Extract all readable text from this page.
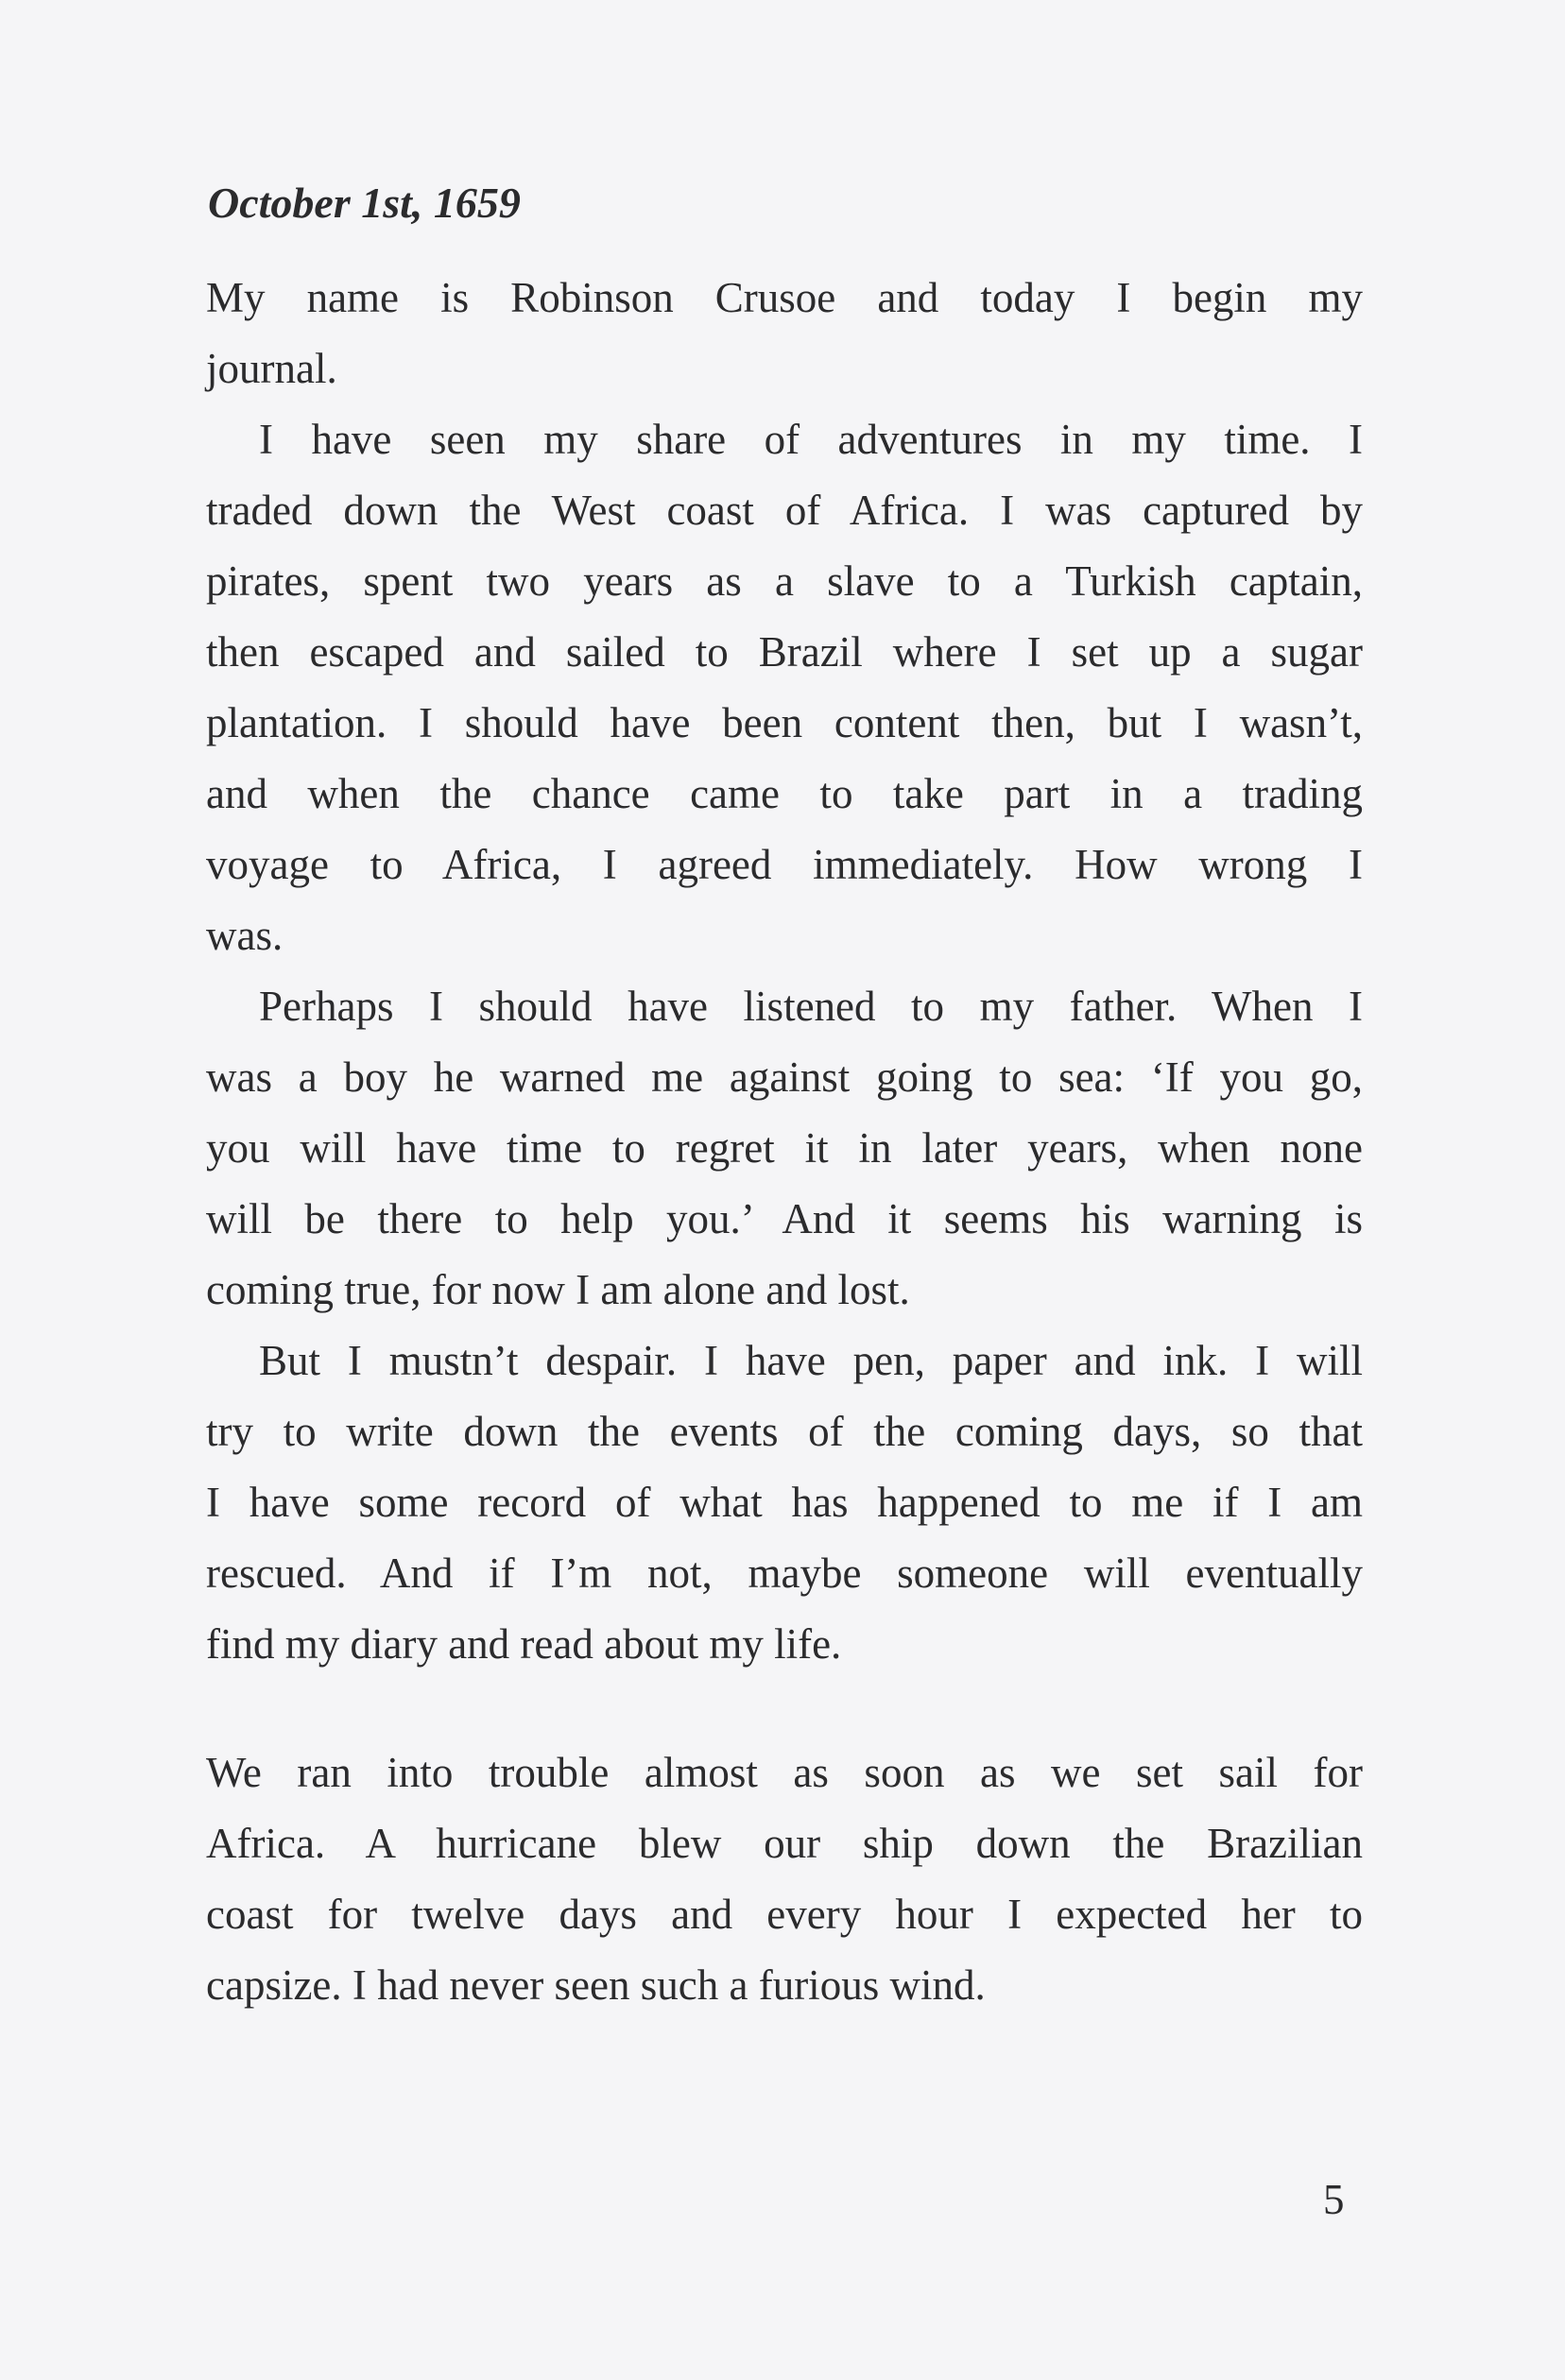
October 1st, 1659
My name is Robinson Crusoe and today I begin my
journal.
I have seen my share of adventures in my time. I
traded down the West coast of Africa. I was captured by
pirates, spent two years as a slave to a Turkish captain,
then escaped and sailed to Brazil where I set up a sugar
plantation. I should have been content then, but I wasn’t,
and when the chance came to take part in a trading
voyage to Africa, I agreed immediately. How wrong I
was.
Perhaps I should have listened to my father. When I
was a boy he warned me against going to sea: ‘If you go,
you will have time to regret it in later years, when none
will be there to help you.’ And it seems his warning is
coming true, for now I am alone and lost.
But I mustn’t despair. I have pen, paper and ink. I will
try to write down the events of the coming days, so that
I have some record of what has happened to me if I am
rescued. And if I’m not, maybe someone will eventually
find my diary and read about my life.
We ran into trouble almost as soon as we set sail for
Africa. A hurricane blew our ship down the Brazilian
coast for twelve days and every hour I expected her to
capsize. I had never seen such a furious wind.
5
